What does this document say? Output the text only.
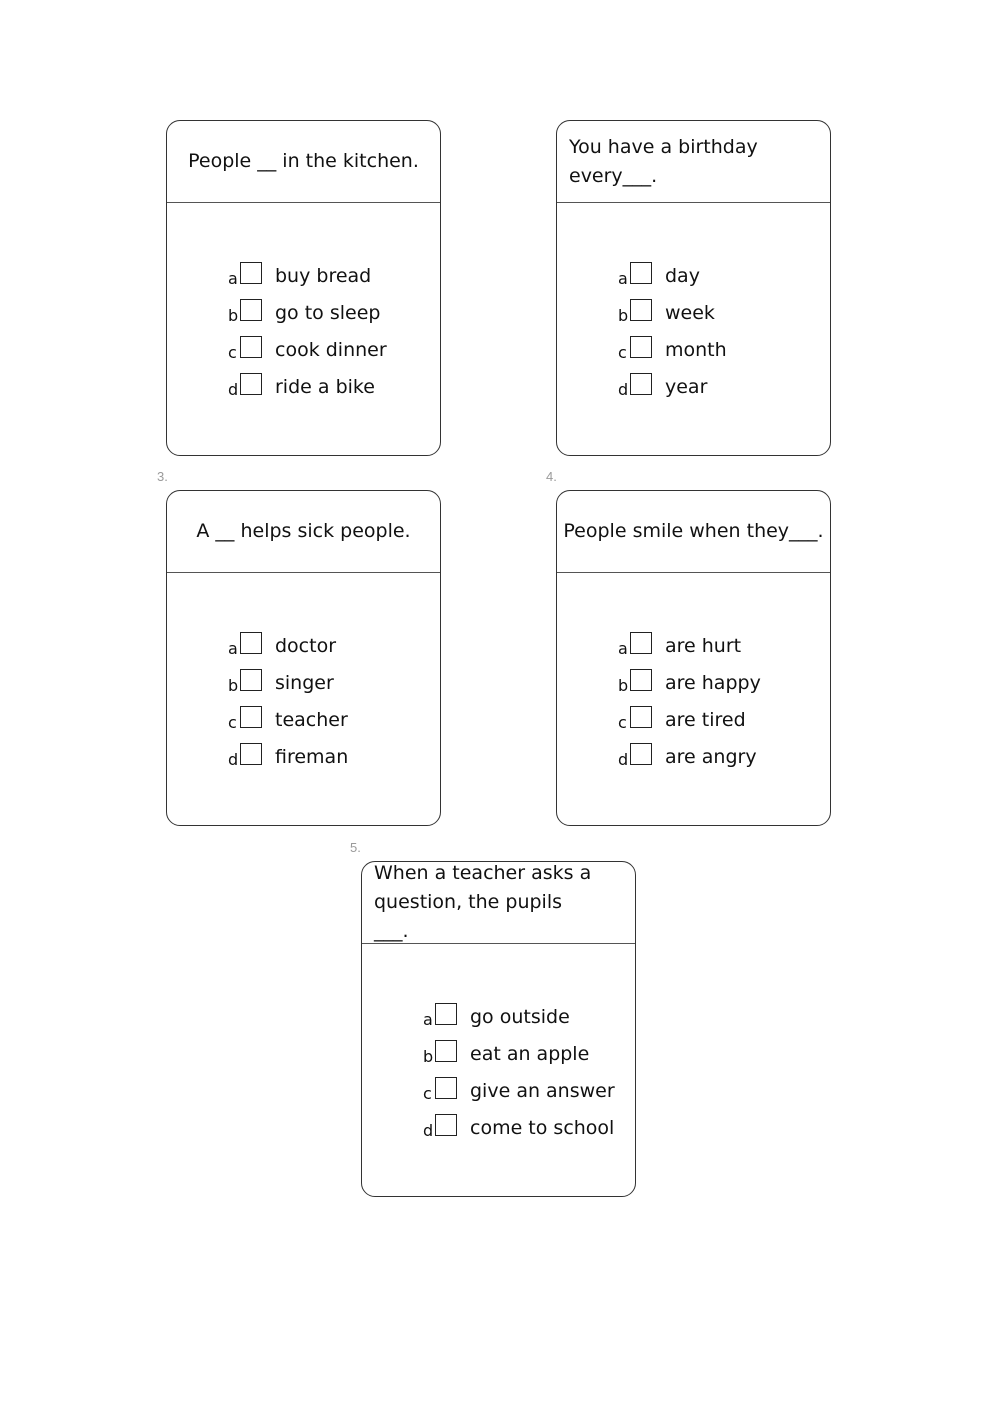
3.	4.
5.
People __ in the kitchen.
a buy bread
b go to sleep
c cook dinner
d ride a bike
You have a birthday every___.
a day
b week
c month
d year
A __ helps sick people.
a doctor
b singer
c teacher
d fireman
People smile when they___.
a are hurt
b are happy
c are tired
d are angry
When a teacher asks a question, the pupils ___.
a go outside
b eat an apple
c give an answer
d come to school
